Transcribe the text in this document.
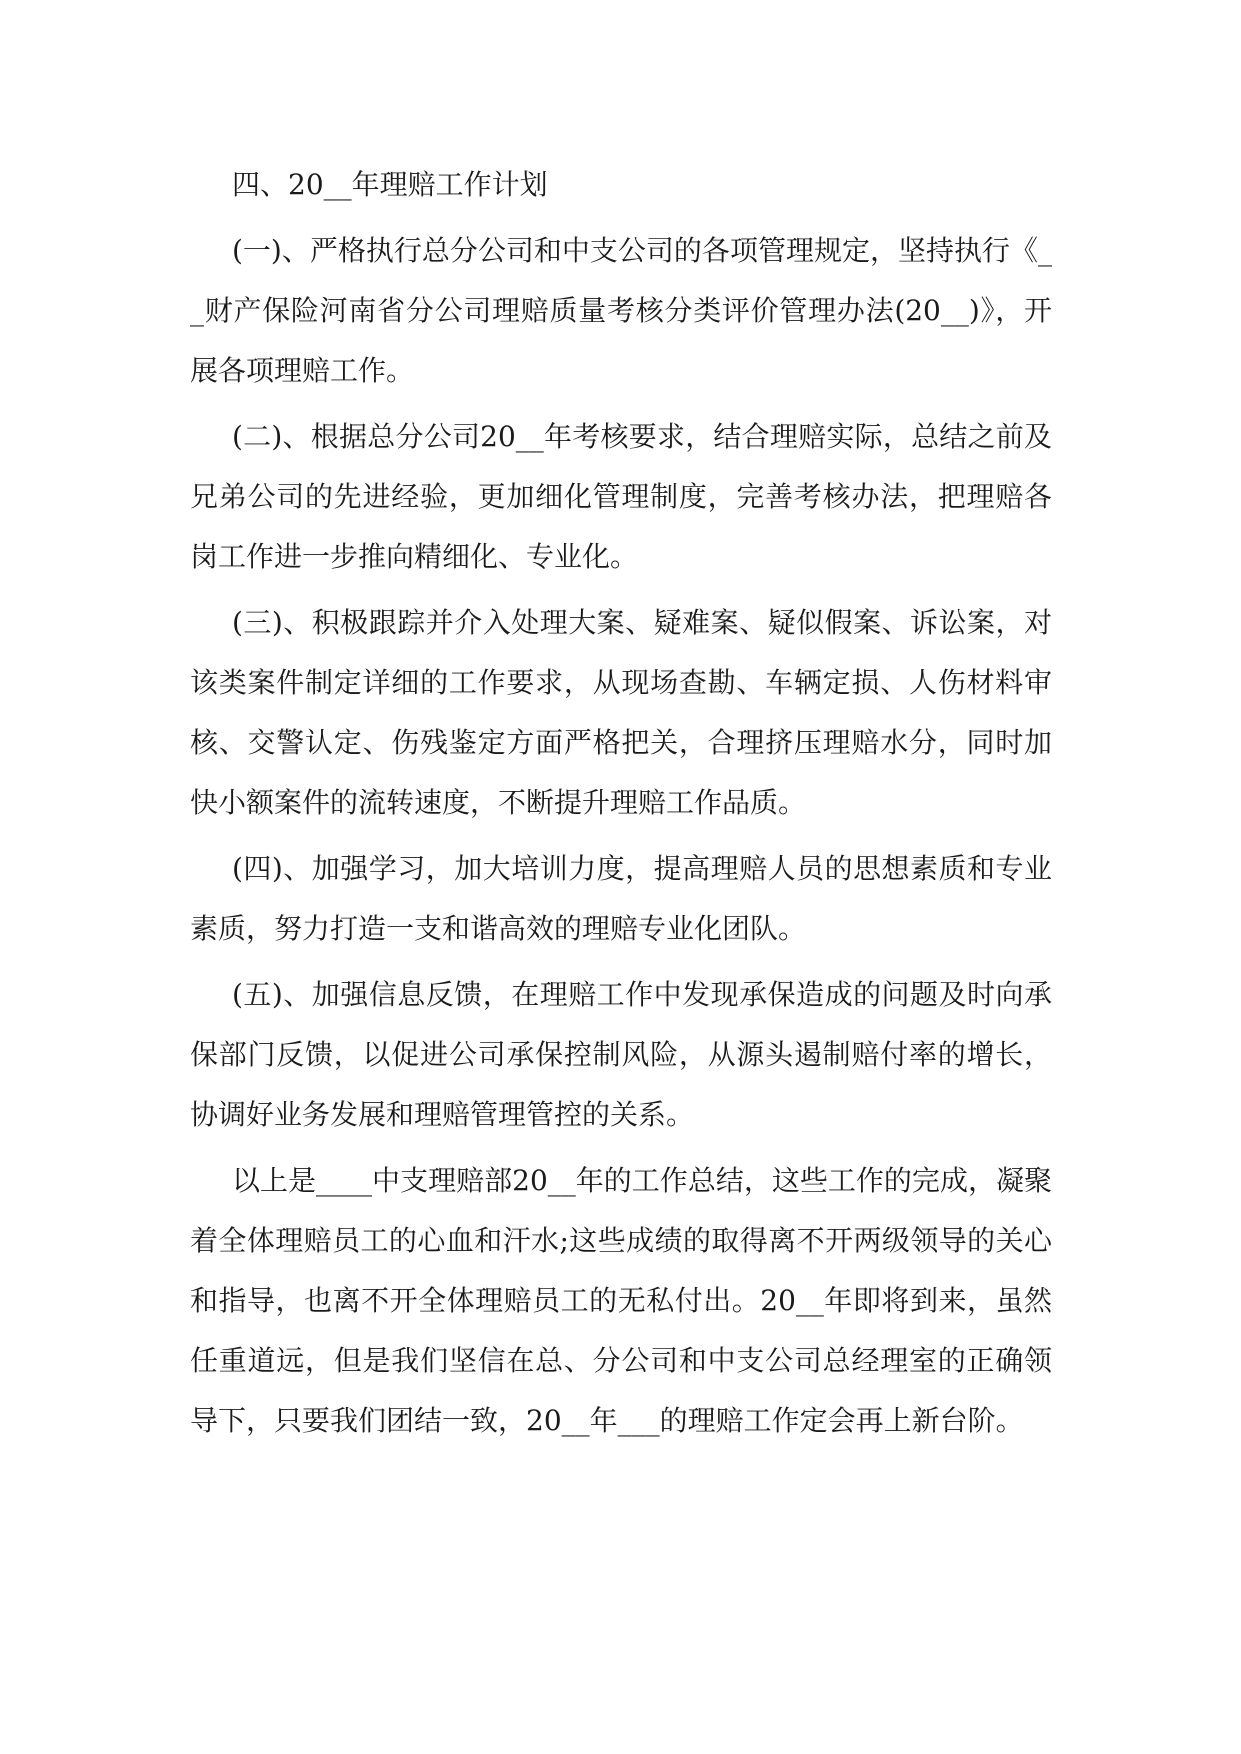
四、20__年理赔工作计划

(一)、严格执行总分公司和中支公司的各项管理规定，坚持执行《__财产保险河南省分公司理赔质量考核分类评价管理办法(20__)》，开展各项理赔工作。

(二)、根据总分公司20__年考核要求，结合理赔实际，总结之前及兄弟公司的先进经验，更加细化管理制度，完善考核办法，把理赔各岗工作进一步推向精细化、专业化。

(三)、积极跟踪并介入处理大案、疑难案、疑似假案、诉讼案，对该类案件制定详细的工作要求，从现场查勘、车辆定损、人伤材料审核、交警认定、伤残鉴定方面严格把关，合理挤压理赔水分，同时加快小额案件的流转速度，不断提升理赔工作品质。

(四)、加强学习，加大培训力度，提高理赔人员的思想素质和专业素质，努力打造一支和谐高效的理赔专业化团队。

(五)、加强信息反馈，在理赔工作中发现承保造成的问题及时向承保部门反馈，以促进公司承保控制风险，从源头遏制赔付率的增长，协调好业务发展和理赔管理管控的关系。

以上是____中支理赔部20__年的工作总结，这些工作的完成，凝聚着全体理赔员工的心血和汗水;这些成绩的取得离不开两级领导的关心和指导，也离不开全体理赔员工的无私付出。20__年即将到来，虽然任重道远，但是我们坚信在总、分公司和中支公司总经理室的正确领导下，只要我们团结一致，20__年___的理赔工作定会再上新台阶。
